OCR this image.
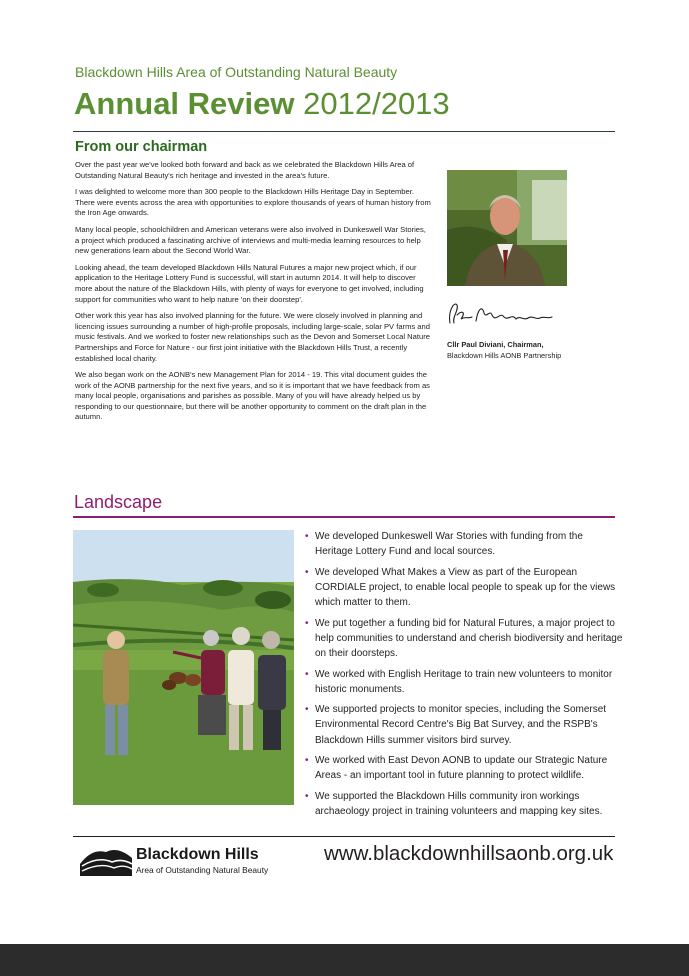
Blackdown Hills Area of Outstanding Natural Beauty
Annual Review 2012/2013
From our chairman

Over the past year we've looked both forward and back as we celebrated the Blackdown Hills Area of Outstanding Natural Beauty's rich heritage and invested in the area's future.

I was delighted to welcome more than 300 people to the Blackdown Hills Heritage Day in September. There were events across the area with opportunities to explore thousands of years of human history from the Iron Age onwards.

Many local people, schoolchildren and American veterans were also involved in Dunkeswell War Stories, a project which produced a fascinating archive of interviews and multi-media learning resources to help new generations learn about the Second World War.

Looking ahead, the team developed Blackdown Hills Natural Futures a major new project which, if our application to the Heritage Lottery Fund is successful, will start in autumn 2014. It will help to discover more about the nature of the Blackdown Hills, with plenty of ways for everyone to get involved, including support for communities who want to help nature 'on their doorstep'.

Other work this year has also involved planning for the future. We were closely involved in planning and licencing issues surrounding a number of high-profile proposals, including large-scale, solar PV farms and music festivals. And we worked to foster new relationships such as the Devon and Somerset Local Nature Partnerships and Force for Nature - our first joint initiative with the Blackdown Hills Trust, a recently established local charity.

We also began work on the AONB's new Management Plan for 2014 - 19. This vital document guides the work of the AONB partnership for the next five years, and so it is important that we have feedback from as many local people, organisations and parishes as possible. Many of you will have already helped us by responding to our questionnaire, but there will be another opportunity to comment on the draft plan in the autumn.

Cllr Paul Diviani, Chairman,
Blackdown Hills AONB Partnership
Landscape
• We developed Dunkeswell War Stories with funding from the Heritage Lottery Fund and local sources.
• We developed What Makes a View as part of the European CORDIALE project, to enable local people to speak up for the views which matter to them.
• We put together a funding bid for Natural Futures, a major project to help communities to understand and cherish biodiversity and heritage on their doorsteps.
• We worked with English Heritage to train new volunteers to monitor historic monuments.
• We supported projects to monitor species, including the Somerset Environmental Record Centre's Big Bat Survey, and the RSPB's Blackdown Hills summer visitors bird survey.
• We worked with East Devon AONB to update our Strategic Nature Areas - an important tool in future planning to protect wildlife.
• We supported the Blackdown Hills community iron workings archaeology project in training volunteers and mapping key sites.
Blackdown Hills
Area of Outstanding Natural Beauty
www.blackdownhillsaonb.org.uk
